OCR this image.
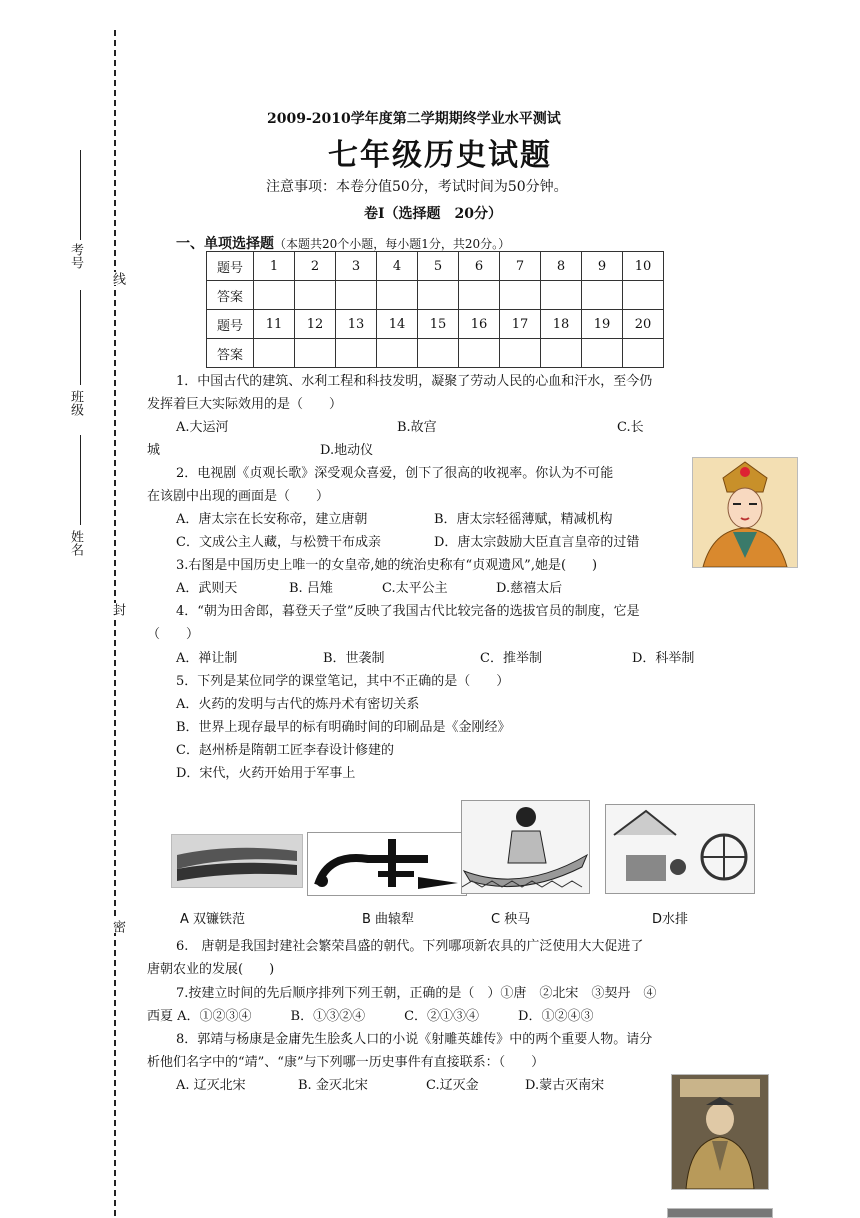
考号
班级
姓名
线
封
密
2009-2010学年度第二学期期终学业水平测试
七年级历史试题
注意事项：本卷分值50分，考试时间为50分钟。
卷Ⅰ（选择题　20分）
一、单项选择题（本题共20个小题，每小题1分，共20分。）
题号	1	2	3	4	5	6	7	8	9	10
答案										
题号	11	12	13	14	15	16	17	18	19	20
答案										
1．中国古代的建筑、水利工程和科技发明，凝聚了劳动人民的心血和汗水，至今仍
发挥着巨大实际效用的是（　　）
A.大运河	B.故宫	C.长
城	D.地动仪
2．电视剧《贞观长歌》深受观众喜爱，创下了很高的收视率。你认为不可能
在该剧中出现的画面是（　　）
A．唐太宗在长安称帝，建立唐朝	B．唐太宗轻徭薄赋，精减机构
C．文成公主人藏，与松赞干布成亲	D．唐太宗鼓励大臣直言皇帝的过错
3.右图是中国历史上唯一的女皇帝,她的统治史称有“贞观遗风”,她是(　　)
A．武则天	B. 吕雉	C.太平公主	D.慈禧太后
4．“朝为田舍郎，暮登天子堂”反映了我国古代比较完备的选拔官员的制度，它是
（　　）
A．禅让制	B．世袭制	C．推举制	D．科举制
5．下列是某位同学的课堂笔记，其中不正确的是（　　）
A．火药的发明与古代的炼丹术有密切关系
B．世界上现存最早的标有明确时间的印刷品是《金刚经》
C．赵州桥是隋朝工匠李春设计修建的
D．宋代，火药开始用于军事上
A 双镰铁范	B 曲辕犁	C 秧马	D水排
6.　唐朝是我国封建社会繁荣昌盛的朝代。下列哪项新农具的广泛使用大大促进了
唐朝农业的发展(　　)
7.按建立时间的先后顺序排列下列王朝，正确的是（　）①唐　②北宋　③契丹　④
西夏 A．①②③④　　　B．①③②④　　　C．②①③④　　　D．①②④③
8．郭靖与杨康是金庸先生脍炙人口的小说《射雕英雄传》中的两个重要人物。请分
析他们名字中的“靖”、“康”与下列哪一历史事件有直接联系：（　　）
A. 辽灭北宋	B. 金灭北宋	C.辽灭金	D.蒙古灭南宋
